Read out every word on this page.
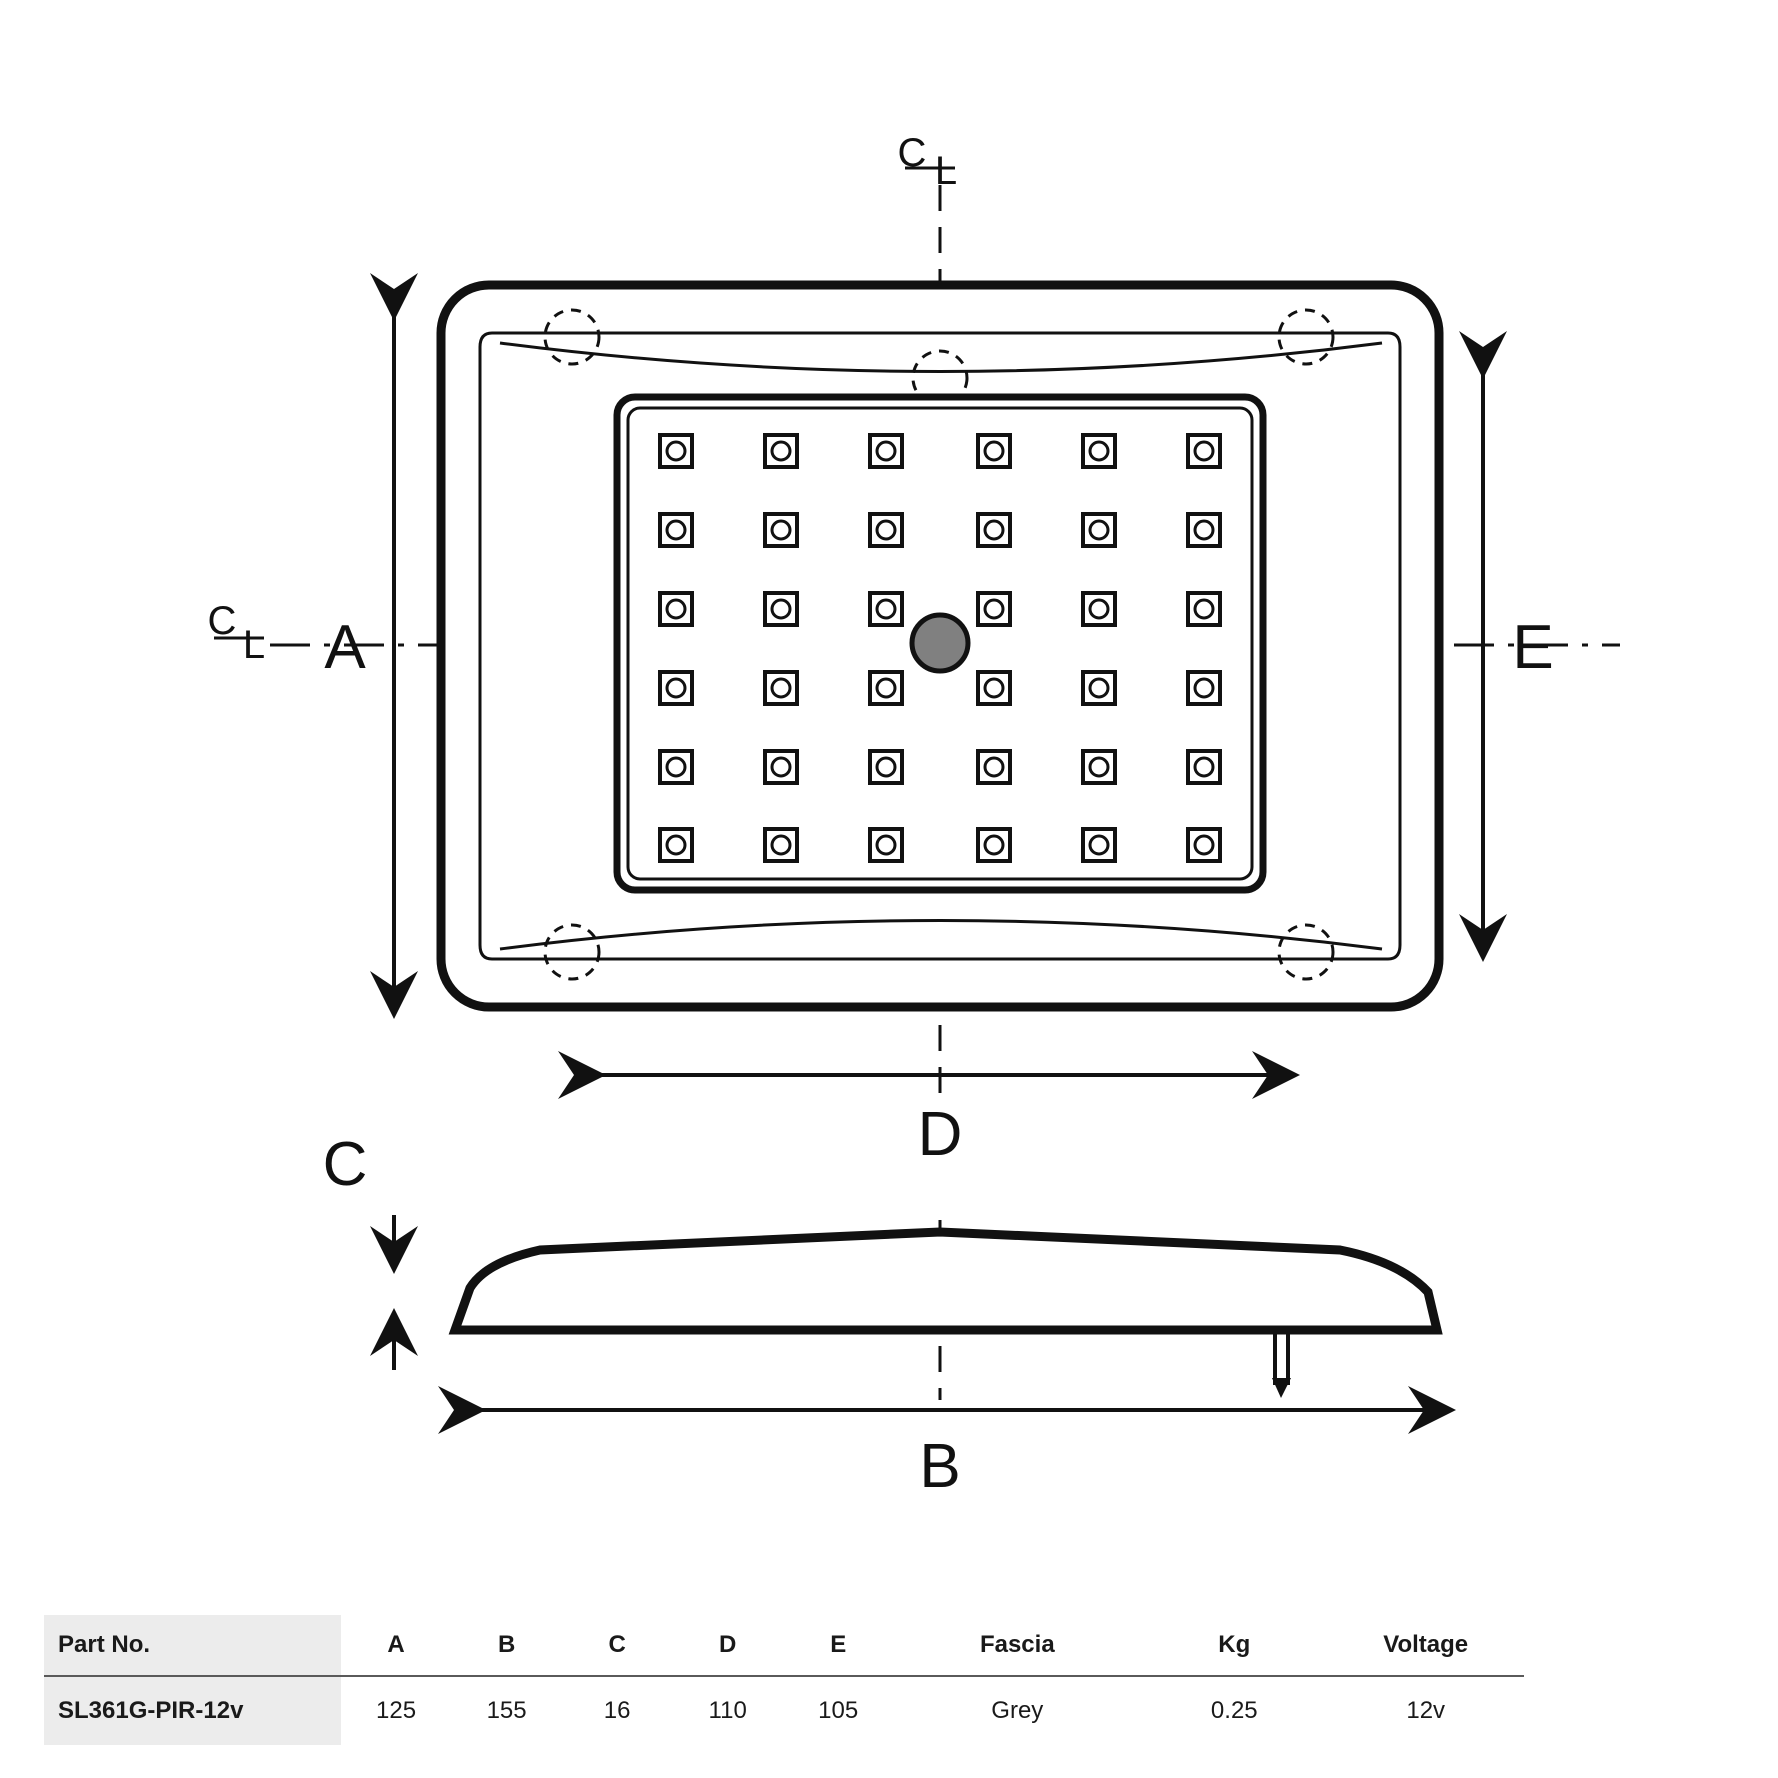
C L
C
L A	E
D
C
B
Part No.	A	B	C	D	E	Fascia	Kg	Voltage
SL361G-PIR-12v	125	155	16	110	105	Grey	0.25	12v
